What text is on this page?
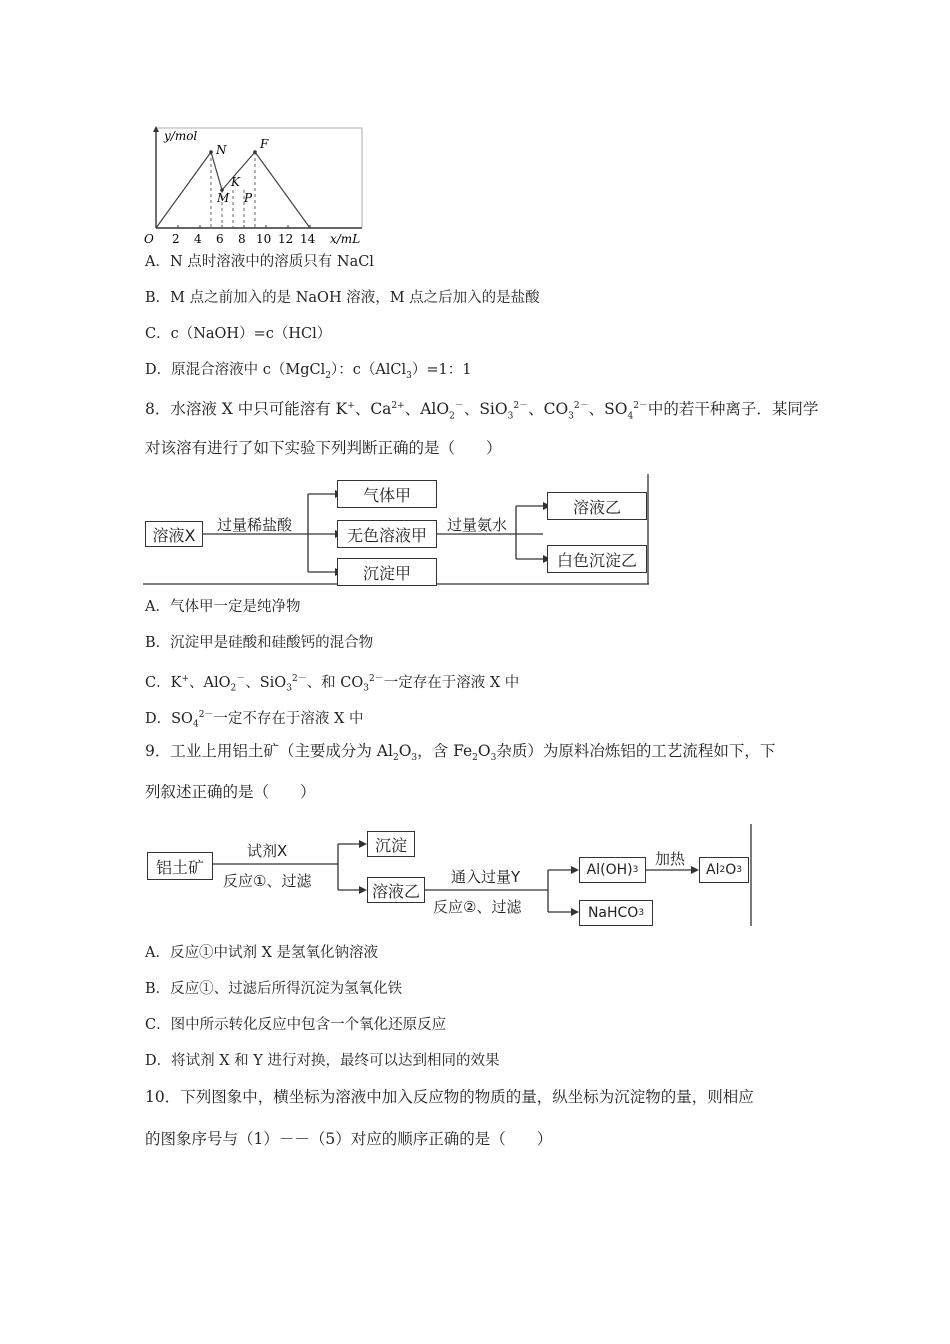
y/mol
x/mL
O
N	F
K
M P
2 4 6 8 10 12 14
A．N 点时溶液中的溶质只有 NaCl
B．M 点之前加入的是 NaOH 溶液，M 点之后加入的是盐酸
C．c（NaOH）=c（HCl）
D．原混合溶液中 c（MgCl$_2$）：c（AlCl$_3$）=1：1
8．水溶液 X 中只可能溶有 K+、$Ca^{2+}$、AlO$_2$－、SiO$_3^{2-}$、$CO_3^{2-}$、$SO_4^{2-}$中的若干种离子．某同学
对该溶有进行了如下实验下列判断正确的是（　　）
溶液X
过量稀盐酸
气体甲
无色溶液甲
沉淀甲
过量氨水
溶液乙
白色沉淀乙
A．气体甲一定是纯净物
B．沉淀甲是硅酸和硅酸钙的混合物
C．K+、AlO$_2$－、SiO$_3^{2-}$、和 $CO_3^{2-}$一定存在于溶液 X 中
D．$SO_4^{2-}$一定不存在于溶液 X 中
9．工业上用铝土矿（主要成分为 $Al_2O_3$，含 $Fe_2O_3$杂质）为原料冶炼铝的工艺流程如下，下
列叙述正确的是（　　）
铝土矿
试剂X
反应①、过滤
沉淀
溶液乙
通入过量Y
反应②、过滤
Al(OH) 3
加热
Al 2 O 3
NaHCO 3
A．反应①中试剂 X 是氢氧化钠溶液
B．反应①、过滤后所得沉淀为氢氧化铁
C．图中所示转化反应中包含一个氧化还原反应
D．将试剂 X 和 Y 进行对换，最终可以达到相同的效果
10．下列图象中，横坐标为溶液中加入反应物的物质的量，纵坐标为沉淀物的量，则相应
的图象序号与（1）－－（5）对应的顺序正确的是（　　）
